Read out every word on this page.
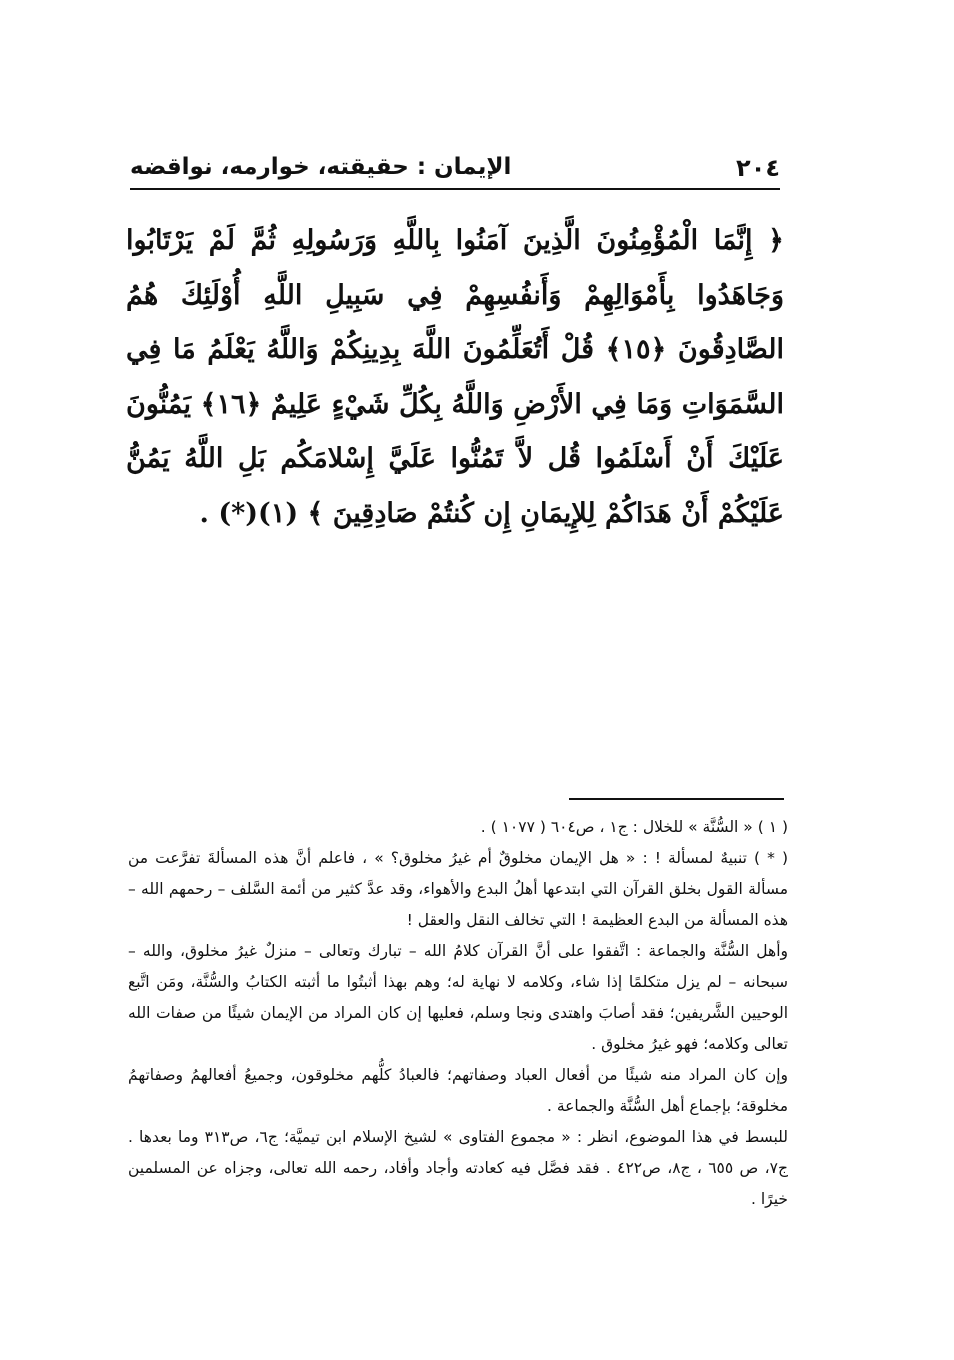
٢٠٤
الإيمان : حقيقته، خوارمه، نواقضه
﴿ إِنَّمَا الْمُؤْمِنُونَ الَّذِينَ آمَنُوا بِاللَّهِ وَرَسُولِهِ ثُمَّ لَمْ يَرْتَابُوا وَجَاهَدُوا بِأَمْوَالِهِمْ وَأَنفُسِهِمْ فِي سَبِيلِ اللَّهِ أُوْلَئِكَ هُمُ الصَّادِقُونَ ﴿١٥﴾ قُلْ أَتُعَلِّمُونَ اللَّهَ بِدِينِكُمْ وَاللَّهُ يَعْلَمُ مَا فِي السَّمَوَاتِ وَمَا فِي الأَرْضِ وَاللَّهُ بِكُلِّ شَيْءٍ عَلِيمٌ ﴿١٦﴾ يَمُنُّونَ عَلَيْكَ أَنْ أَسْلَمُوا قُل لاَّ تَمُنُّوا عَلَيَّ إِسْلامَكُم بَلِ اللَّهُ يَمُنُّ عَلَيْكُمْ أَنْ هَدَاكُمْ لِلإِيمَانِ إِن كُنتُمْ صَادِقِينَ ﴾ (١)(*) .

( ١ ) « السُّنَّة » للخلال : ج١ ، ص٦٠٤ ( ١٠٧٧ ) .

( * ) تنبيهٌ لمسألة ! : « هل الإيمان مخلوقٌ أم غيرُ مخلوق؟ » ، فاعلم أنَّ هذه المسألةَ تفرَّعت من مسألة القول بخلق القرآن التي ابتدعها أهلُ البدع والأهواء، وقد عدَّ كثير من أئمة السَّلف – رحمهم الله – هذه المسألة من البدع العظيمة ! التي تخالف النقل والعقل !

وأهل السُّنَّة والجماعة : اتَّفقوا على أنَّ القرآن كلامُ الله – تبارك وتعالى – منزلٌ غيرُ مخلوق، والله – سبحانه – لم يزل متكلمًا إذا شاء، وكلامه لا نهاية له؛ وهم بهذا أثبتُوا ما أثبته الكتابُ والسُّنَّة، ومَن اتَّبع الوحيين الشَّريفين؛ فقد أصابَ واهتدى ونجا وسلم، فعليها إن كان المراد من الإيمان شيئًا من صفات الله تعالى وكلامه؛ فهو غيرُ مخلوق .

وإن كان المراد منه شيئًا من أفعال العباد وصفاتهم؛ فالعبادُ كلُّهم مخلوقون، وجميعُ أفعالهمُ وصفاتهمُ مخلوقة؛ بإجماع أهل السُّنَّة والجماعة .

للبسط في هذا الموضوع، انظر : « مجموع الفتاوى » لشيخ الإسلام ابن تيميَّة؛ ج٦، ص٣١٣ وما بعدها . ج٧، ص ٦٥٥ ، ج٨، ص٤٢٢ . فقد فصَّل فيه كعادته وأجاد وأفاد، رحمه الله تعالى، وجزاه عن المسلمين خيرًا .
